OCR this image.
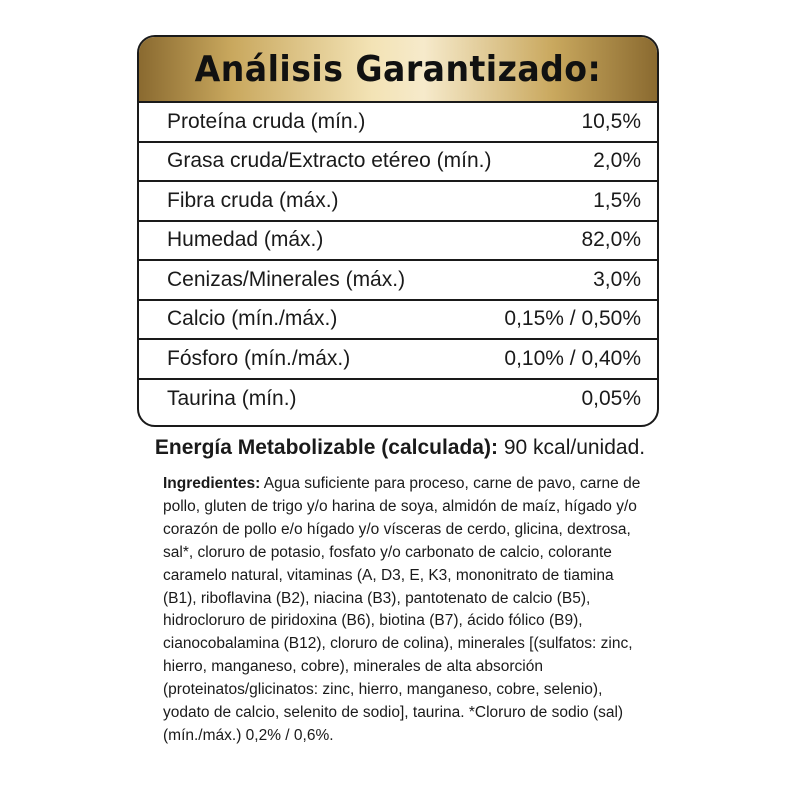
Análisis Garantizado:
Proteína cruda (mín.)	10,5%
Grasa cruda/Extracto etéreo (mín.)	2,0%
Fibra cruda (máx.)	1,5%
Humedad (máx.)	82,0%
Cenizas/Minerales (máx.)	3,0%
Calcio (mín./máx.)	0,15% / 0,50%
Fósforo (mín./máx.)	0,10% / 0,40%
Taurina (mín.)	0,05%
Energía Metabolizable (calculada): 90 kcal/unidad.
Ingredientes: Agua suficiente para proceso, carne de pavo, carne de pollo, gluten de trigo y/o harina de soya, almidón de maíz, hígado y/o corazón de pollo e/o hígado y/o vísceras de cerdo, glicina, dextrosa, sal*, cloruro de potasio, fosfato y/o carbonato de calcio, colorante caramelo natural, vitaminas (A, D3, E, K3, mononitrato de tiamina (B1), riboflavina (B2), niacina (B3), pantotenato de calcio (B5), hidrocloruro de piridoxina (B6), biotina (B7), ácido fólico (B9), cianocobalamina (B12), cloruro de colina), minerales [(sulfatos: zinc, hierro, manganeso, cobre), minerales de alta absorción (proteinatos/glicinatos: zinc, hierro, manganeso, cobre, selenio), yodato de calcio, selenito de sodio], taurina. *Cloruro de sodio (sal) (mín./máx.) 0,2% / 0,6%.
